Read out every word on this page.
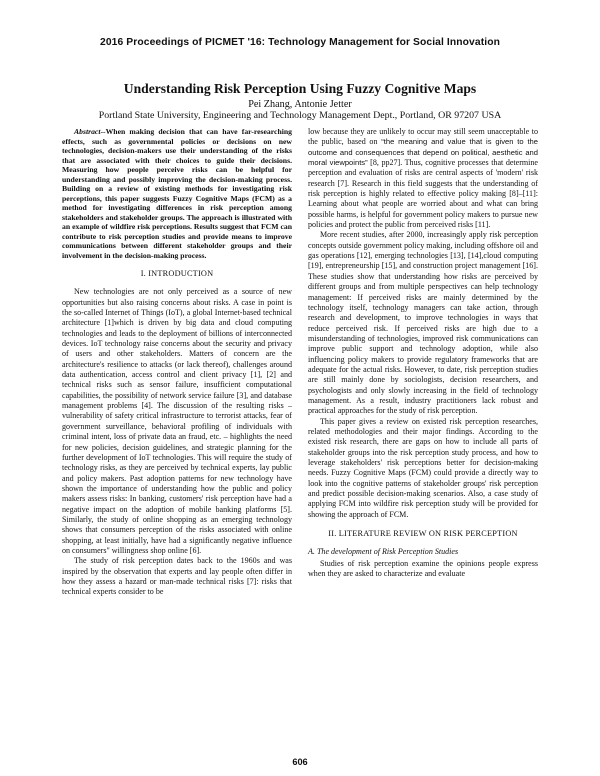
2016 Proceedings of PICMET '16: Technology Management for Social Innovation
Understanding Risk Perception Using Fuzzy Cognitive Maps
Pei Zhang, Antonie Jetter
Portland State University, Engineering and Technology Management Dept., Portland, OR 97207 USA

Abstract--When making decision that can have far-researching effects, such as governmental policies or decisions on new technologies, decision-makers use their understanding of the risks that are associated with their choices to guide their decisions. Measuring how people perceive risks can be helpful for understanding and possibly improving the decision-making process. Building on a review of existing methods for investigating risk perceptions, this paper suggests Fuzzy Cognitive Maps (FCM) as a method for investigating differences in risk perception among stakeholders and stakeholder groups. The approach is illustrated with an example of wildfire risk perceptions. Results suggest that FCM can contribute to risk perception studies and provide means to improve communications between different stakeholder groups and their involvement in the decision-making process.

I. INTRODUCTION

New technologies are not only perceived as a source of new opportunities but also raising concerns about risks. A case in point is the so-called Internet of Things (IoT), a global Internet-based technical architecture [1]which is driven by big data and cloud computing technologies and leads to the deployment of billions of interconnected devices. IoT technology raise concerns about the security and privacy of users and other stakeholders. Matters of concern are the architecture's resilience to attacks (or lack thereof), challenges around data authentication, access control and client privacy [1], [2] and technical risks such as sensor failure, insufficient computational capabilities, the possibility of network service failure [3], and database management problems [4]. The discussion of the resulting risks – vulnerability of safety critical infrastructure to terrorist attacks, fear of government surveillance, behavioral profiling of individuals with criminal intent, loss of private data an fraud, etc. – highlights the need for new policies, decision guidelines, and strategic planning for the further development of IoT technologies. This will require the study of technology risks, as they are perceived by technical experts, lay public and policy makers. Past adoption patterns for new technology have shown the importance of understanding how the public and policy makers assess risks: In banking, customers' risk perception have had a negative impact on the adoption of mobile banking platforms [5]. Similarly, the study of online shopping as an emerging technology shows that consumers perception of the risks associated with online shopping, at least initially, have had a significantly negative influence on consumers" willingness shop online [6].

The study of risk perception dates back to the 1960s and was inspired by the observation that experts and lay people often differ in how they assess a hazard or man-made technical risks [7]: risks that technical experts consider to be

low because they are unlikely to occur may still seem unacceptable to the public, based on “the meaning and value that is given to the outcome and consequences that depend on political, aesthetic and moral viewpoints” [8, pp27]. Thus, cognitive processes that determine perception and evaluation of risks are central aspects of 'modern' risk research [7]. Research in this field suggests that the understanding of risk perception is highly related to effective policy making [8]–[11]: Learning about what people are worried about and what can bring possible harms, is helpful for government policy makers to pursue new policies and protect the public from perceived risks [11].

More recent studies, after 2000, increasingly apply risk perception concepts outside government policy making, including offshore oil and gas operations [12], emerging technologies [13], [14],cloud computing [19], entrepreneurship [15], and construction project management [16]. These studies show that understanding how risks are perceived by different groups and from multiple perspectives can help technology management: If perceived risks are mainly determined by the technology itself, technology managers can take action, through research and development, to improve technologies in ways that reduce perceived risk. If perceived risks are high due to a misunderstanding of technologies, improved risk communications can improve public support and technology adoption, while also influencing policy makers to provide regulatory frameworks that are adequate for the actual risks. However, to date, risk perception studies are still mainly done by sociologists, decision researchers, and psychologists and only slowly increasing in the field of technology management. As a result, industry practitioners lack robust and practical approaches for the study of risk perception.

This paper gives a review on existed risk perception researches, related methodologies and their major findings. According to the existed risk research, there are gaps on how to include all parts of stakeholder groups into the risk perception study process, and how to leverage stakeholders' risk perceptions better for decision-making needs. Fuzzy Cognitive Maps (FCM) could provide a directly way to look into the cognitive patterns of stakeholder groups' risk perception and predict possible decision-making scenarios. Also, a case study of applying FCM into wildfire risk perception study will be provided for showing the approach of FCM.

II. LITERATURE REVIEW ON RISK PERCEPTION
A. The development of Risk Perception Studies

Studies of risk perception examine the opinions people express when they are asked to characterize and evaluate

606
